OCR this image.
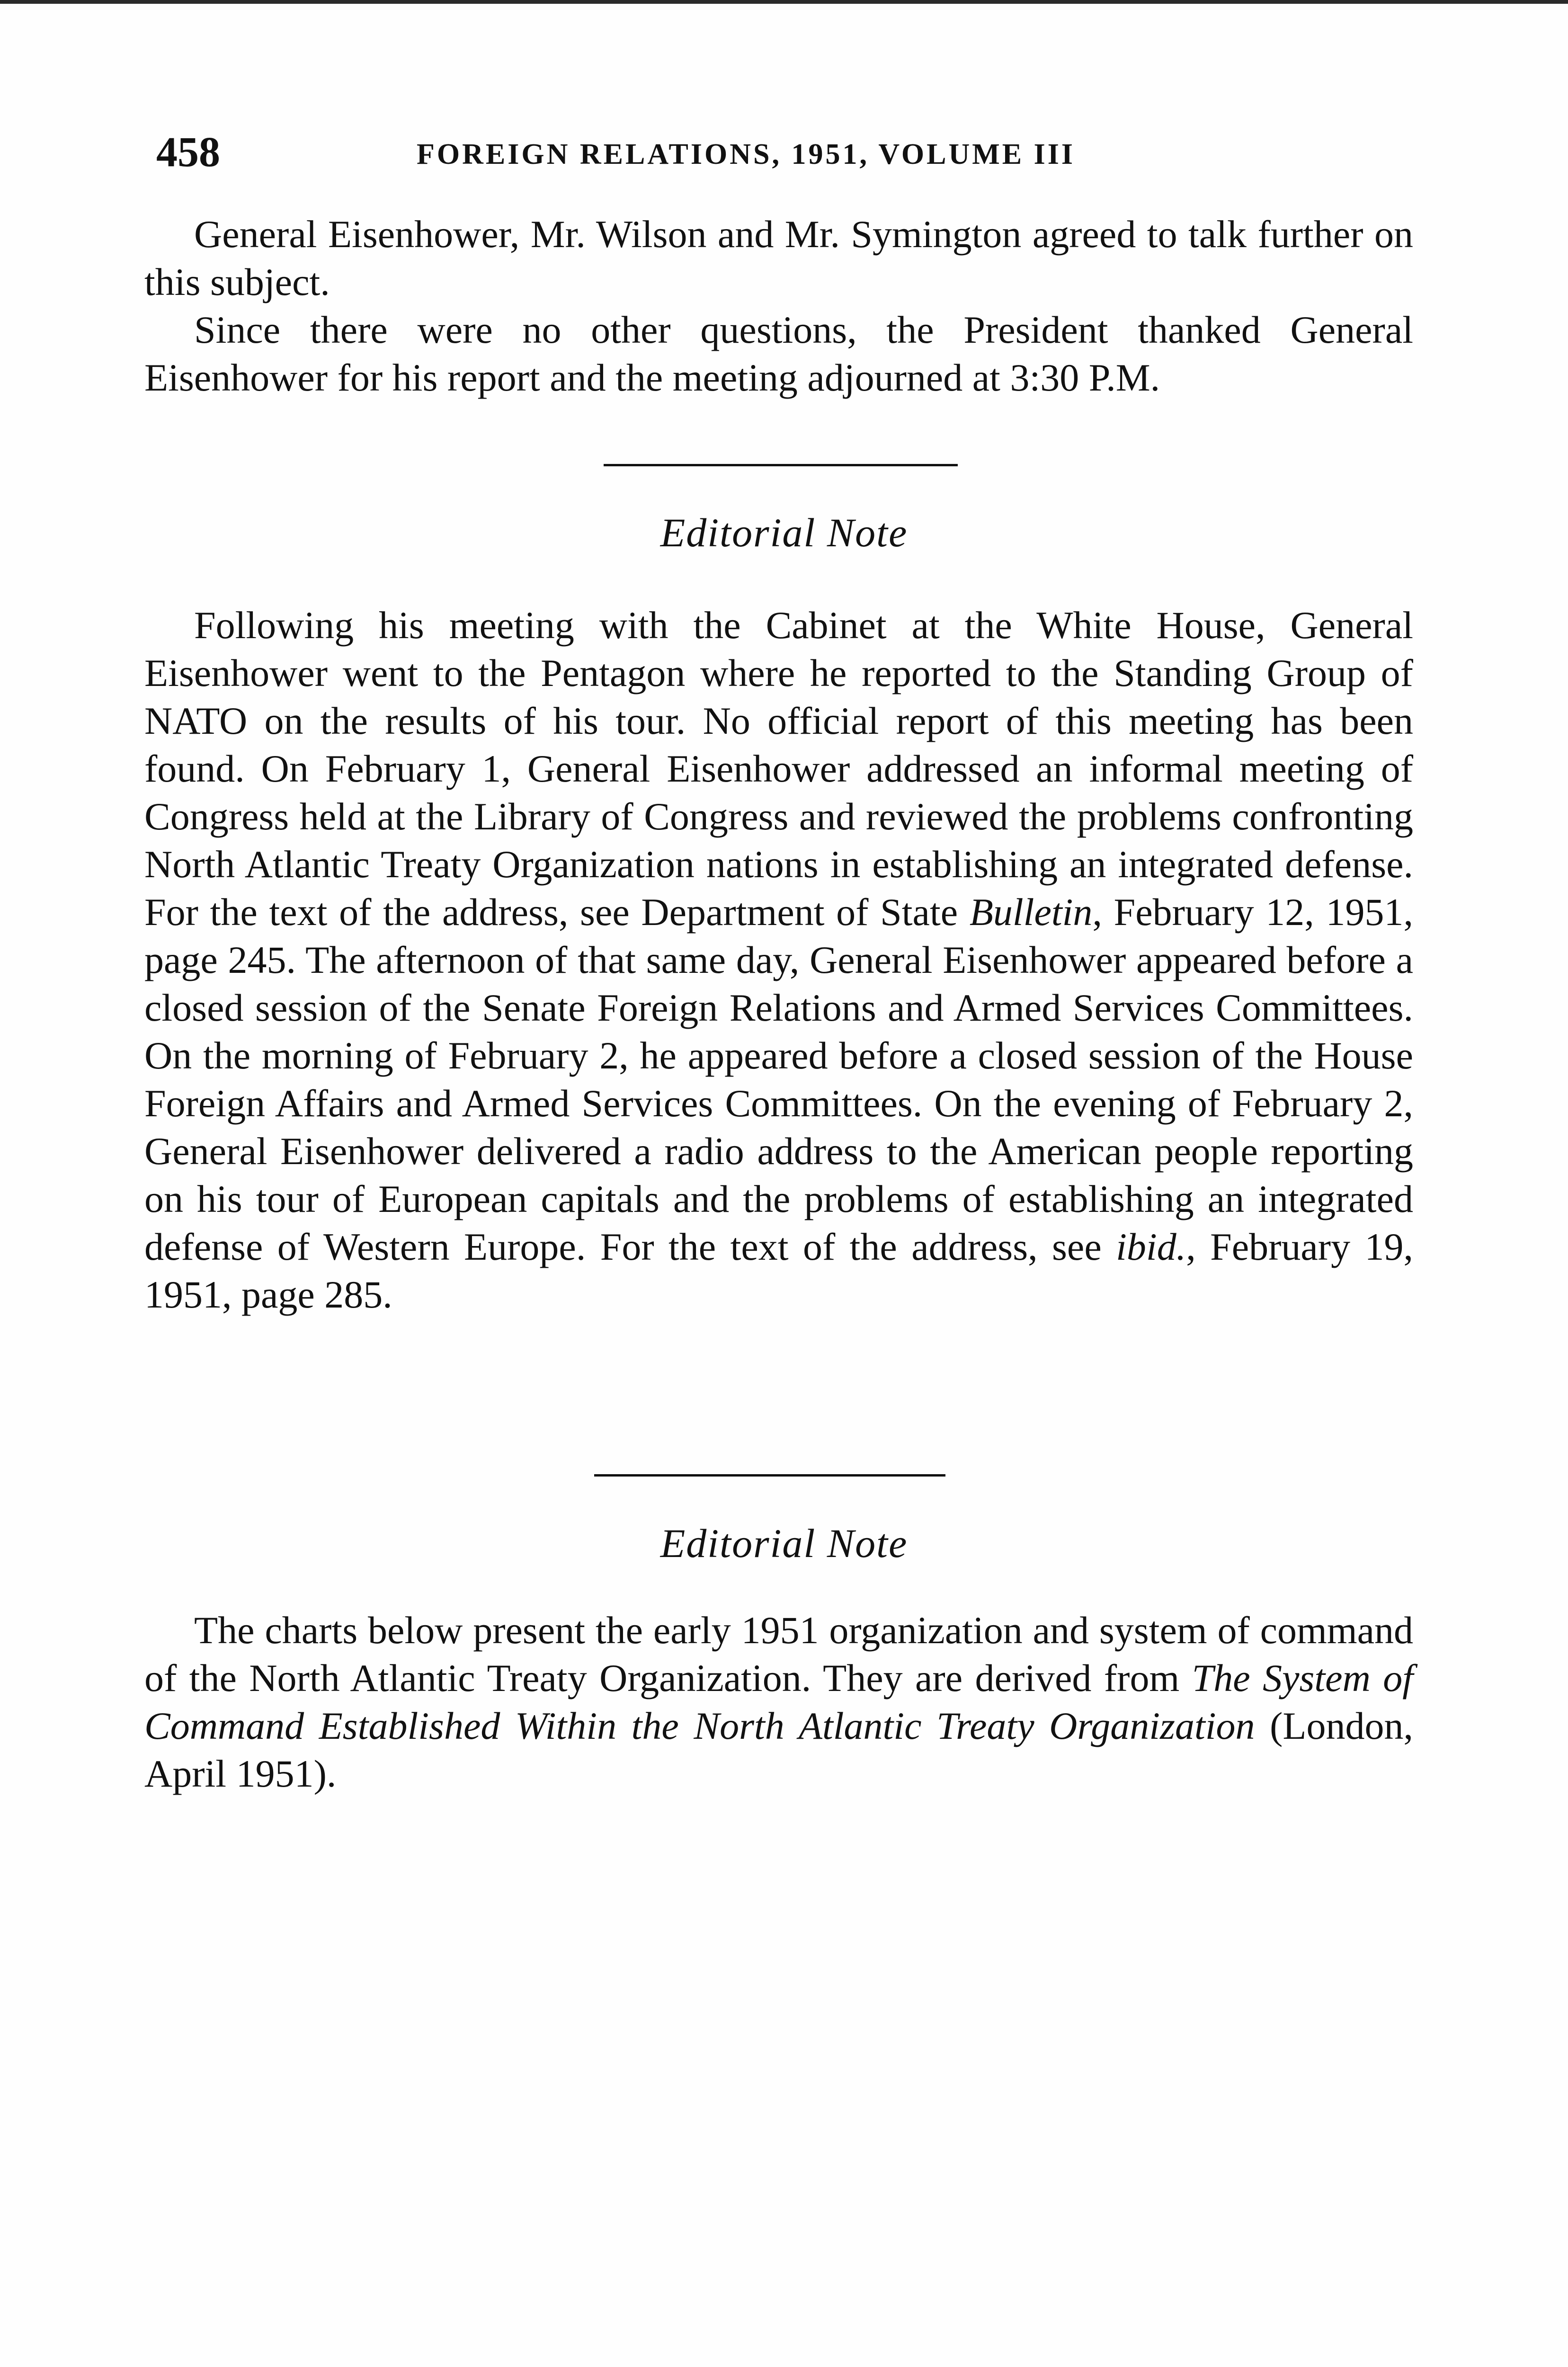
458	FOREIGN RELATIONS, 1951, VOLUME III

General Eisenhower, Mr. Wilson and Mr. Symington agreed to talk further on this subject.

Since there were no other questions, the President thanked General Eisenhower for his report and the meeting adjourned at 3:30 P.M.

Editorial Note

Following his meeting with the Cabinet at the White House, General Eisenhower went to the Pentagon where he reported to the Standing Group of NATO on the results of his tour. No official report of this meeting has been found. On February 1, General Eisenhower addressed an informal meeting of Congress held at the Library of Congress and reviewed the problems confronting North Atlantic Treaty Organization nations in establishing an integrated defense. For the text of the address, see Department of State Bulletin, February 12, 1951, page 245. The afternoon of that same day, General Eisenhower appeared before a closed session of the Senate Foreign Relations and Armed Services Committees. On the morning of February 2, he appeared before a closed session of the House Foreign Affairs and Armed Services Committees. On the evening of February 2, General Eisenhower delivered a radio address to the American people reporting on his tour of European capitals and the problems of establishing an integrated defense of Western Europe. For the text of the address, see ibid., February 19, 1951, page 285.

Editorial Note

The charts below present the early 1951 organization and system of command of the North Atlantic Treaty Organization. They are derived from The System of Command Established Within the North Atlantic Treaty Organization (London, April 1951).
